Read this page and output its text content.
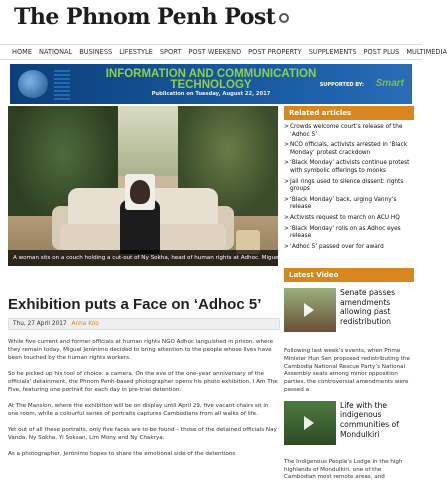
The Phnom Penh Post
HOME NATIONAL BUSINESS LIFESTYLE SPORT POST WEEKEND POST PROPERTY SUPPLEMENTS POST PLUS MULTIMEDIA
INFORMATION AND COMMUNICATION
TECHNOLOGY
Publication on Tuesday, August 22, 2017
SUPPORTED BY: Smart
A woman sits on a couch holding a cut-out of Ny Sokha, head of human rights at Adhoc. Miguel Jerónimo
Exhibition puts a Face on ‘Adhoc 5’
Thu, 27 April 2017 Anna Koo

While five current and former officials at human rights NGO Adhoc languished in prison, where they remain today, Miguel Jerónimo decided to bring attention to the people whose lives have been touched by the human rights workers.

So he picked up his tool of choice: a camera. On the eve of the one-year anniversary of the officials’ detainment, the Phnom Penh-based photographer opens his photo exhibition, I Am The Five, featuring one portrait for each day in pre-trial detention.

At The Mansion, where the exhibition will be on display until April 29, five vacant chairs sit in one room, while a colourful series of portraits captures Cambodians from all walks of life.

Yet out of all these portraits, only five faces are to be found – those of the detained officials Nay Vanda, Ny Sokha, Yi Soksan, Lim Mony and Ny Chakrya.

As a photographer, Jerónimo hopes to share the emotional side of the detentions

Related articles
> Crowds welcome court’s release of the ‘Adhoc 5’
> NCO officials, activists arrested in ‘Black Monday’ protest crackdown
> ‘Black Monday’ activists continue protest with symbolic offerings to monks
> Jail rings used to silence dissent: rights groups
> ‘Black Monday’ back, urging Vanny’s release
> Activists request to march on ACU HQ
> ‘Black Monday’ rolls on as Adhoc eyes release
> ‘Adhoc 5’ passed over for award
Latest Video
Senate passes amendments allowing past redistribution
Following last week’s events, when Prime Minister Hun Sen proposed redistributing the Cambodia National Rescue Party’s National Assembly seats among minor opposition parties, the controversial amendments were passed a
Life with the indigenous communities of Mondulkiri
The Indigenous People’s Lodge in the high highlands of Mondulkiri, one of the Cambodian most remote areas, and
